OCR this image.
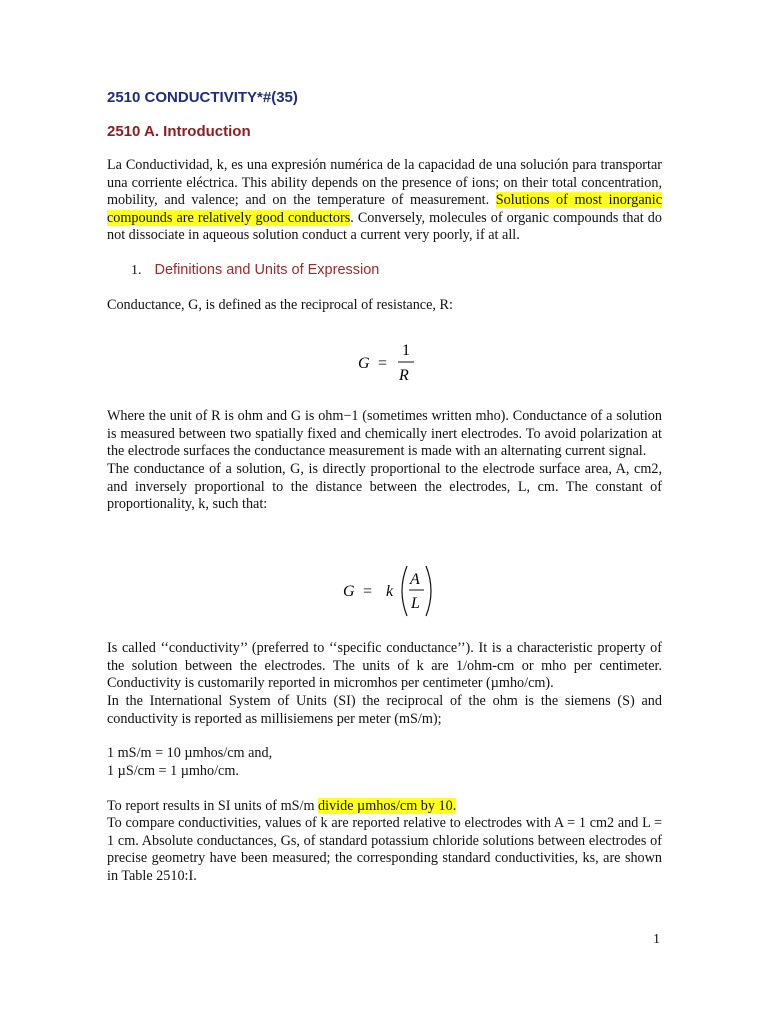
2510 CONDUCTIVITY*#(35)
2510 A. Introduction
La Conductividad, k, es una expresión numérica de la capacidad de una solución para transportar una corriente eléctrica. This ability depends on the presence of ions; on their total concentration, mobility, and valence; and on the temperature of measurement. Solutions of most inorganic compounds are relatively good conductors. Conversely, molecules of organic compounds that do not dissociate in aqueous solution conduct a current very poorly, if at all.
1. Definitions and Units of Expression
Conductance, G, is defined as the reciprocal of resistance, R:
G =
1
R
Where the unit of R is ohm and G is ohm−1 (sometimes written mho). Conductance of a solution is measured between two spatially fixed and chemically inert electrodes. To avoid polarization at the electrode surfaces the conductance measurement is made with an alternating current signal.
The conductance of a solution, G, is directly proportional to the electrode surface area, A, cm2, and inversely proportional to the distance between the electrodes, L, cm. The constant of proportionality, k, such that:
G = k
A
L
Is called ‘‘conductivity’’ (preferred to ‘‘specific conductance’’). It is a characteristic property of the solution between the electrodes. The units of k are 1/ohm-cm or mho per centimeter. Conductivity is customarily reported in micromhos per centimeter (µmho/cm).
In the International System of Units (SI) the reciprocal of the ohm is the siemens (S) and conductivity is reported as millisiemens per meter (mS/m);
1 mS/m = 10 µmhos/cm and,
1 µS/cm = 1 µmho/cm.
To report results in SI units of mS/m divide µmhos/cm by 10.
To compare conductivities, values of k are reported relative to electrodes with A = 1 cm2 and L = 1 cm. Absolute conductances, Gs, of standard potassium chloride solutions between electrodes of precise geometry have been measured; the corresponding standard conductivities, ks, are shown in Table 2510:I.
1
